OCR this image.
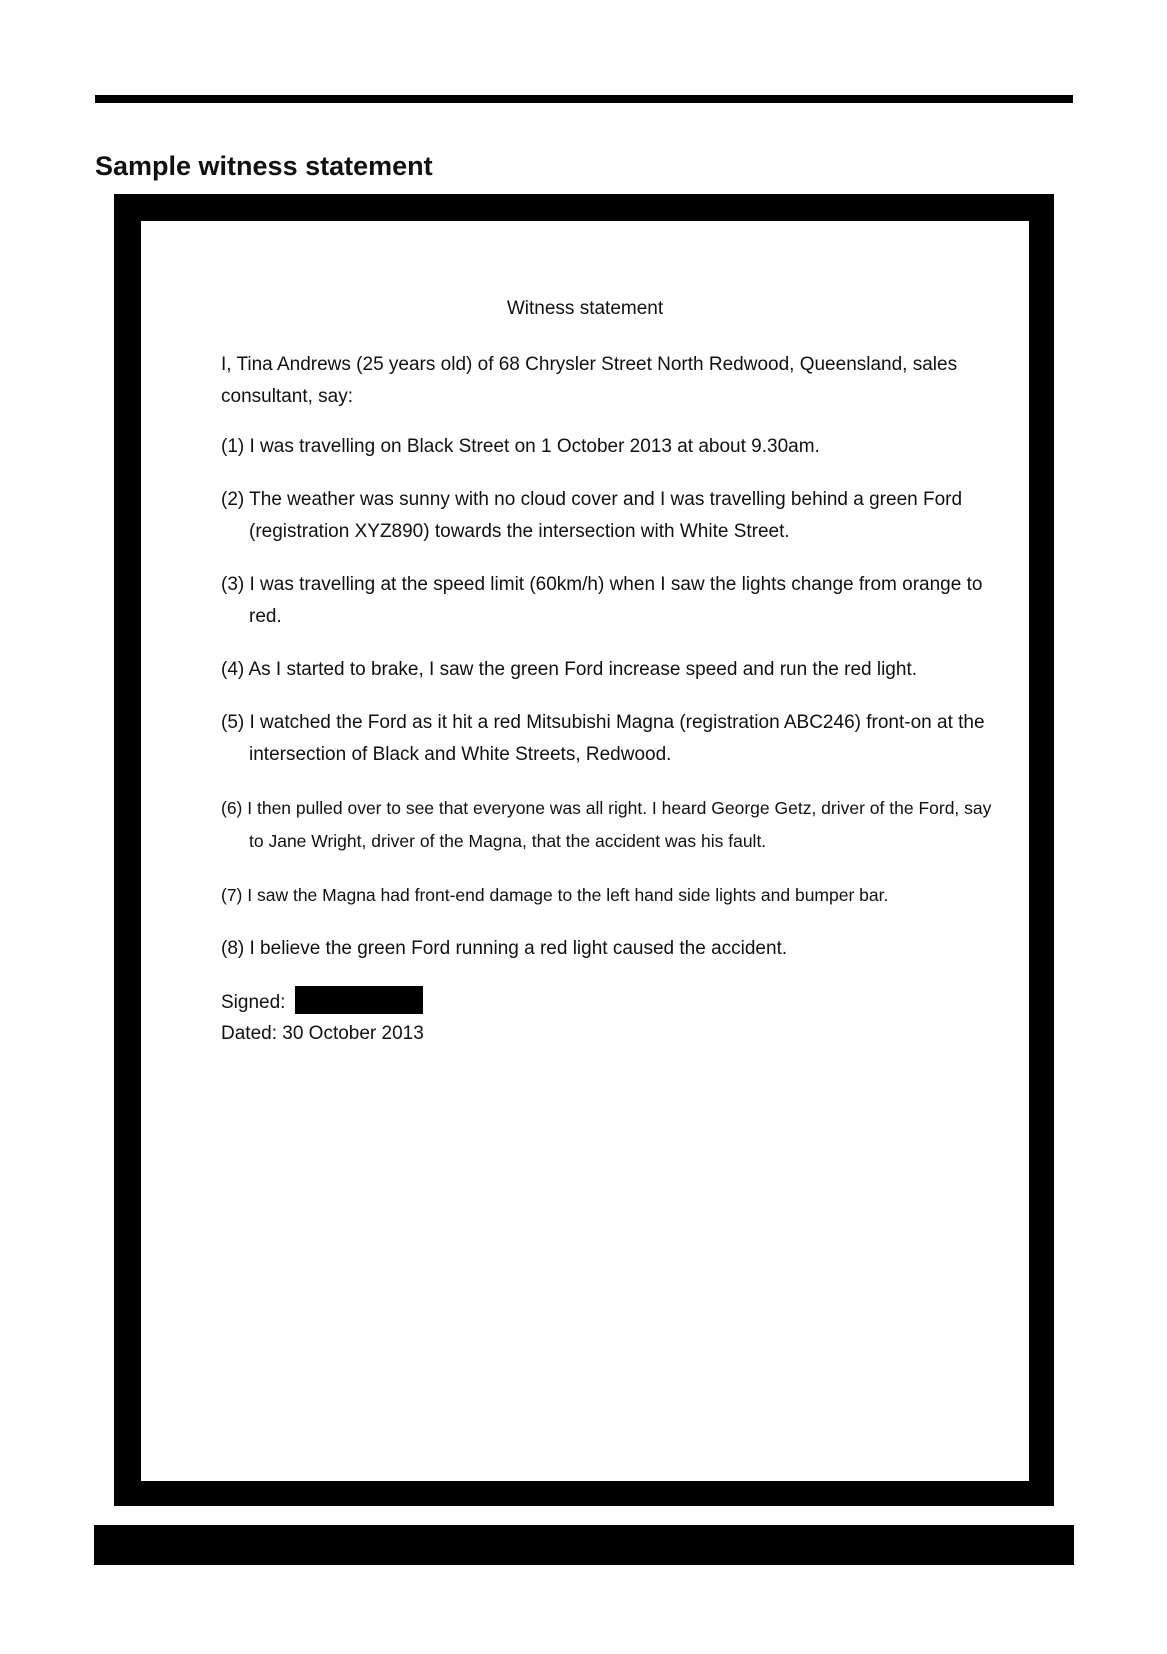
Sample witness statement
Witness statement

I, Tina Andrews (25 years old) of 68 Chrysler Street North Redwood, Queensland, sales consultant, say:

(1) I was travelling on Black Street on 1 October 2013 at about 9.30am.

(2) The weather was sunny with no cloud cover and I was travelling behind a green Ford (registration XYZ890) towards the intersection with White Street.

(3) I was travelling at the speed limit (60km/h) when I saw the lights change from orange to red.

(4) As I started to brake, I saw the green Ford increase speed and run the red light.

(5) I watched the Ford as it hit a red Mitsubishi Magna (registration ABC246) front-on at the intersection of Black and White Streets, Redwood.

(6) I then pulled over to see that everyone was all right. I heard George Getz, driver of the Ford, say to Jane Wright, driver of the Magna, that the accident was his fault.

(7) I saw the Magna had front-end damage to the left hand side lights and bumper bar.

(8) I believe the green Ford running a red light caused the accident.

Signed:

Dated: 30 October 2013
